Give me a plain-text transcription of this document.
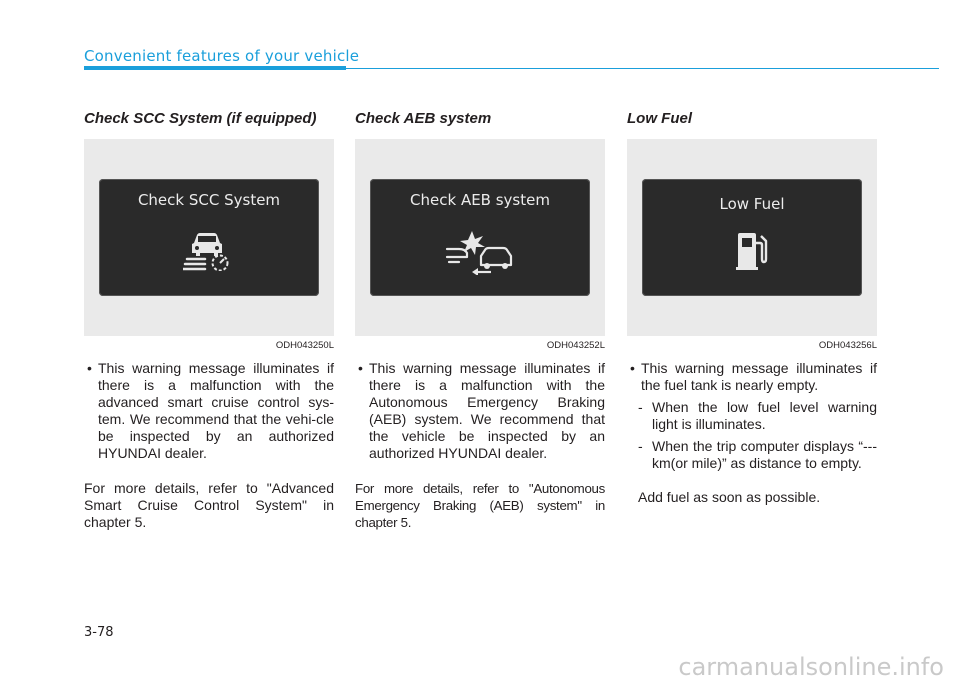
Convenient features of your vehicle
Check SCC System (if equipped)
Check SCC System
ODH043250L
• This warning message illuminates if there is a malfunction with the advanced smart cruise control sys-tem. We recommend that the vehi-cle be inspected by an authorized HYUNDAI dealer.
For more details, refer to "Advanced Smart Cruise Control System" in chapter 5.
Check AEB system
Check AEB system
ODH043252L
• This warning message illuminates if there is a malfunction with the Autonomous Emergency Braking (AEB) system. We recommend that the vehicle be inspected by an authorized HYUNDAI dealer.
For more details, refer to "Autonomous Emergency Braking (AEB) system" in chapter 5.
Low Fuel
Low Fuel
ODH043256L
• This warning message illuminates if the fuel tank is nearly empty.
- When the low fuel level warning light is illuminates.
- When the trip computer displays “--- km(or mile)” as distance to empty.
Add fuel as soon as possible.
3-78
carmanualsonline.info
